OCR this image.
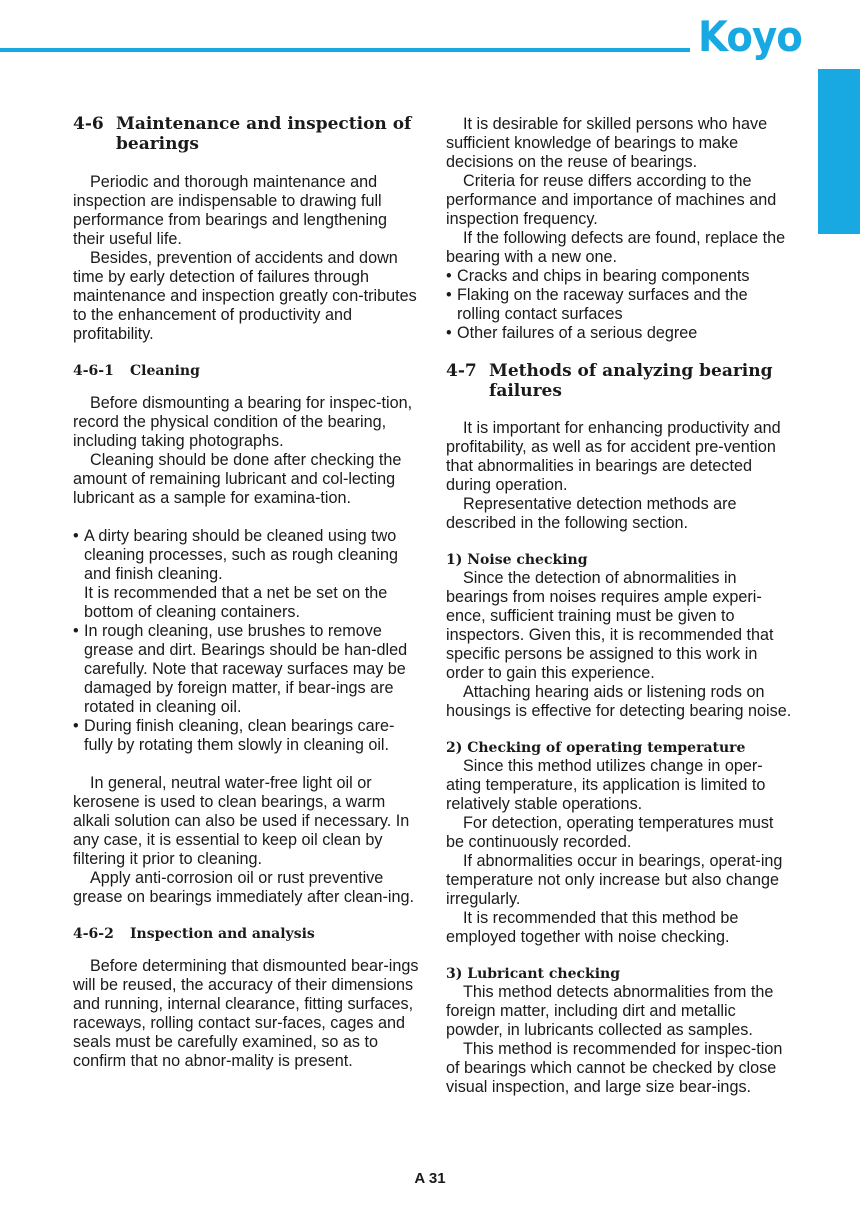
Koyo
4-6 Maintenance and inspection of bearings

Periodic and thorough maintenance and inspection are indispensable to drawing full performance from bearings and lengthening their useful life.

Besides, prevention of accidents and down time by early detection of failures through maintenance and inspection greatly con-tributes to the enhancement of productivity and profitability.

4-6-1 Cleaning

Before dismounting a bearing for inspec-tion, record the physical condition of the bearing, including taking photographs.

Cleaning should be done after checking the amount of remaining lubricant and col-lecting lubricant as a sample for examina-tion.

• A dirty bearing should be cleaned using two cleaning processes, such as rough cleaning and finish cleaning.
It is recommended that a net be set on the bottom of cleaning containers.
• In rough cleaning, use brushes to remove grease and dirt. Bearings should be han-dled carefully. Note that raceway surfaces may be damaged by foreign matter, if bear-ings are rotated in cleaning oil.
• During finish cleaning, clean bearings care-fully by rotating them slowly in cleaning oil.

In general, neutral water-free light oil or kerosene is used to clean bearings, a warm alkali solution can also be used if necessary. In any case, it is essential to keep oil clean by filtering it prior to cleaning.

Apply anti-corrosion oil or rust preventive grease on bearings immediately after clean-ing.

4-6-2 Inspection and analysis

Before determining that dismounted bear-ings will be reused, the accuracy of their dimensions and running, internal clearance, fitting surfaces, raceways, rolling contact sur-faces, cages and seals must be carefully examined, so as to confirm that no abnor-mality is present.

It is desirable for skilled persons who have sufficient knowledge of bearings to make decisions on the reuse of bearings.

Criteria for reuse differs according to the performance and importance of machines and inspection frequency.

If the following defects are found, replace the bearing with a new one.

• Cracks and chips in bearing components
• Flaking on the raceway surfaces and the rolling contact surfaces
• Other failures of a serious degree
4-7 Methods of analyzing bearing failures

It is important for enhancing productivity and profitability, as well as for accident pre-vention that abnormalities in bearings are detected during operation.

Representative detection methods are described in the following section.

1) Noise checking

Since the detection of abnormalities in bearings from noises requires ample experi-ence, sufficient training must be given to inspectors. Given this, it is recommended that specific persons be assigned to this work in order to gain this experience.

Attaching hearing aids or listening rods on housings is effective for detecting bearing noise.

2) Checking of operating temperature

Since this method utilizes change in oper-ating temperature, its application is limited to relatively stable operations.

For detection, operating temperatures must be continuously recorded.

If abnormalities occur in bearings, operat-ing temperature not only increase but also change irregularly.

It is recommended that this method be employed together with noise checking.

3) Lubricant checking

This method detects abnormalities from the foreign matter, including dirt and metallic powder, in lubricants collected as samples.

This method is recommended for inspec-tion of bearings which cannot be checked by close visual inspection, and large size bear-ings.

A 31
